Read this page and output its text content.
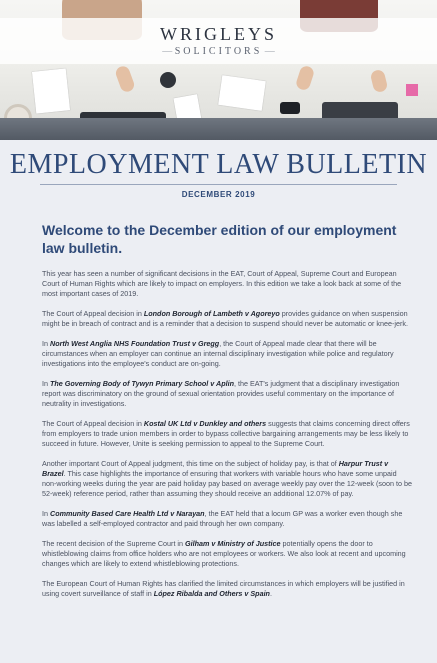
WRIGLEYS
— SOLICITORS —
EMPLOYMENT LAW BULLETIN
DECEMBER 2019
Welcome to the December edition of our employment law bulletin.

This year has seen a number of significant decisions in the EAT, Court of Appeal, Supreme Court and European Court of Human Rights which are likely to impact on employers. In this edition we take a look back at some of the most important cases of 2019.

The Court of Appeal decision in London Borough of Lambeth v Agoreyo provides guidance on when suspension might be in breach of contract and is a reminder that a decision to suspend should never be automatic or knee-jerk.

In North West Anglia NHS Foundation Trust v Gregg, the Court of Appeal made clear that there will be circumstances when an employer can continue an internal disciplinary investigation while police and regulatory investigations into the employee's conduct are on-going.

In The Governing Body of Tywyn Primary School v Aplin, the EAT's judgment that a disciplinary investigation report was discriminatory on the ground of sexual orientation provides useful commentary on the importance of neutrality in investigations.

The Court of Appeal decision in Kostal UK Ltd v Dunkley and others suggests that claims concerning direct offers from employers to trade union members in order to bypass collective bargaining arrangements may be less likely to succeed in future. However, Unite is seeking permission to appeal to the Supreme Court.

Another important Court of Appeal judgment, this time on the subject of holiday pay, is that of Harpur Trust v Brazel. This case highlights the importance of ensuring that workers with variable hours who have some unpaid non-working weeks during the year are paid holiday pay based on average weekly pay over the 12-week (soon to be 52-week) reference period, rather than assuming they should receive an additional 12.07% of pay.

In Community Based Care Health Ltd v Narayan, the EAT held that a locum GP was a worker even though she was labelled a self-employed contractor and paid through her own company.

The recent decision of the Supreme Court in Gilham v Ministry of Justice potentially opens the door to whistleblowing claims from office holders who are not employees or workers. We also look at recent and upcoming changes which are likely to extend whistleblowing protections.

The European Court of Human Rights has clarified the limited circumstances in which employers will be justified in using covert surveillance of staff in López Ribalda and Others v Spain.
